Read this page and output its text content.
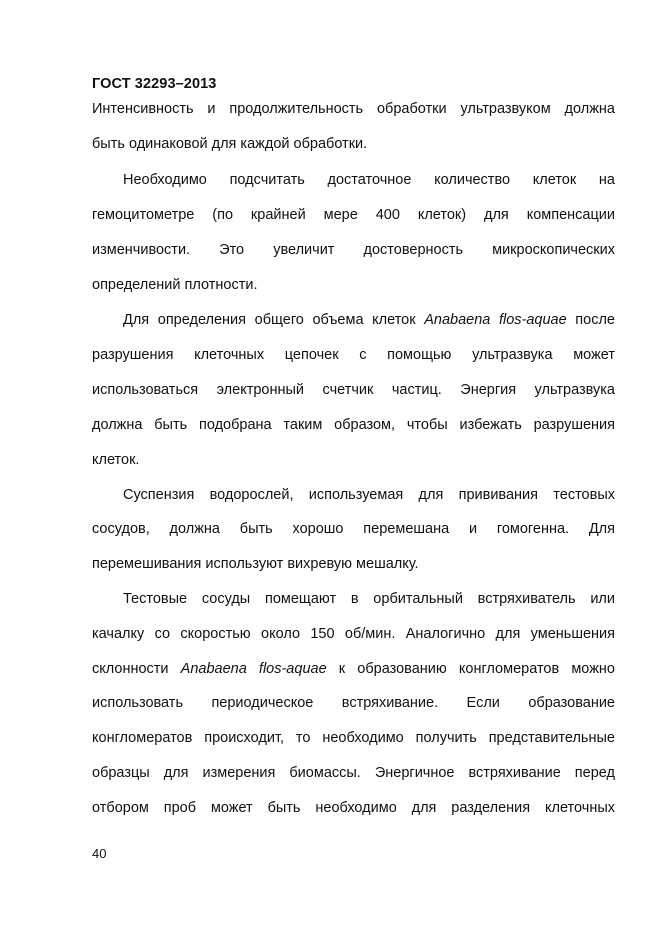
ГОСТ 32293–2013
Интенсивность и продолжительность обработки ультразвуком должна
быть одинаковой для каждой обработки.
Необходимо подсчитать достаточное количество клеток на
гемоцитометре (по крайней мере 400 клеток) для компенсации
изменчивости. Это увеличит достоверность микроскопических
определений плотности.
Для определения общего объема клеток Anabaena flos-aquae после
разрушения клеточных цепочек с помощью ультразвука может
использоваться электронный счетчик частиц. Энергия ультразвука
должна быть подобрана таким образом, чтобы избежать разрушения
клеток.
Суспензия водорослей, используемая для прививания тестовых
сосудов, должна быть хорошо перемешана и гомогенна. Для
перемешивания используют вихревую мешалку.
Тестовые сосуды помещают в орбитальный встряхиватель или
качалку со скоростью около 150 об/мин. Аналогично для уменьшения
склонности Anabaena flos-aquae к образованию конгломератов можно
использовать периодическое встряхивание. Если образование
конгломератов происходит, то необходимо получить представительные
образцы для измерения биомассы. Энергичное встряхивание перед
отбором проб может быть необходимо для разделения клеточных
40
